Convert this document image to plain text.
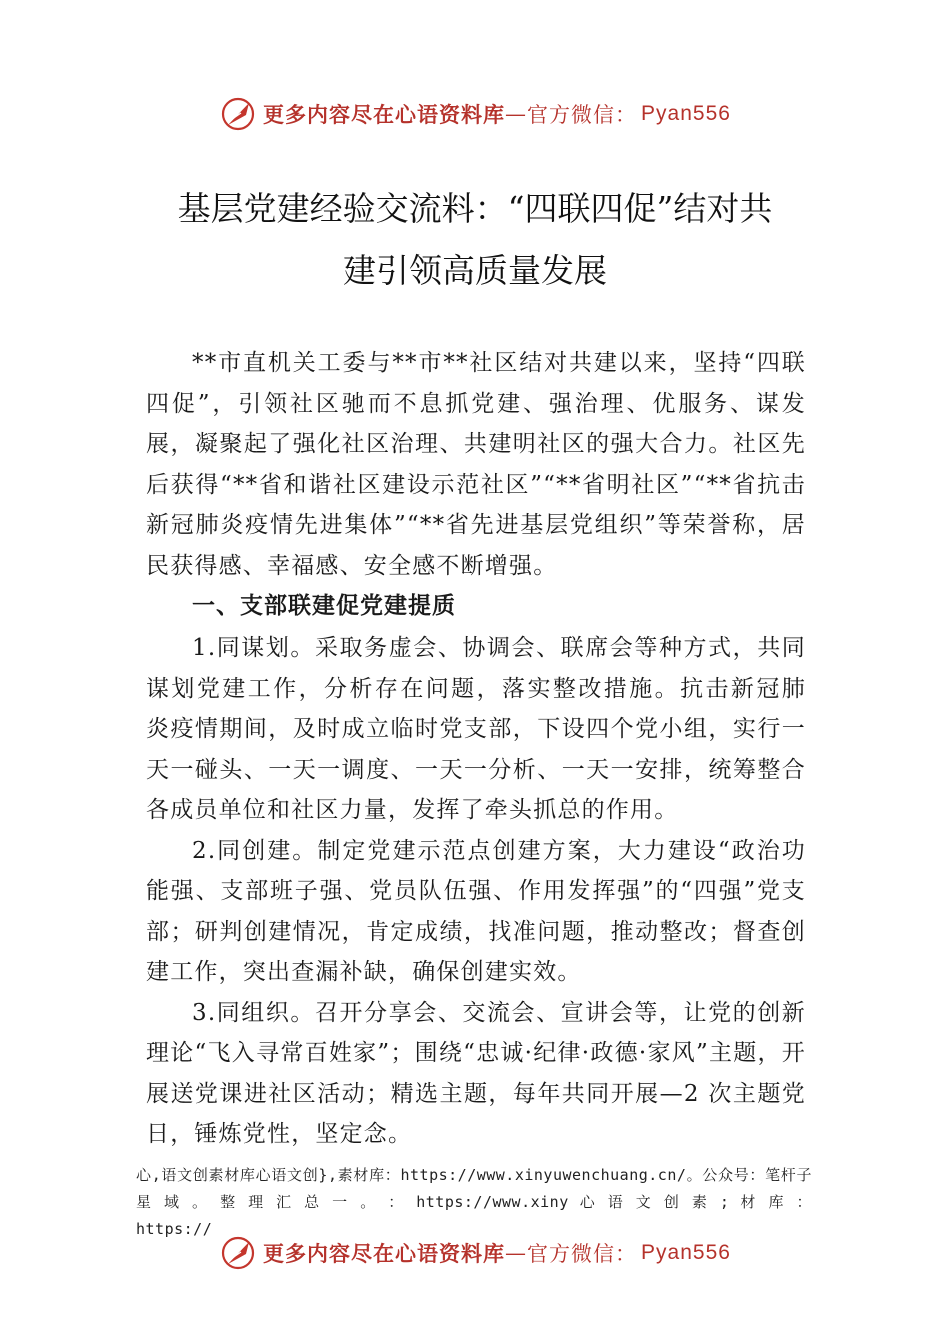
更多内容尽在心语资料库 — 官方微信： Pyan556
基层党建经验交流料：“四联四促”结对共
建引领高质量发展

**市直机关工委与**市**社区结对共建以来，坚持“四联四促”，引领社区驰而不息抓党建、强治理、优服务、谋发展，凝聚起了强化社区治理、共建明社区的强大合力。社区先后获得“**省和谐社区建设示范社区”“**省明社区”“**省抗击 新冠肺炎疫情先进集体”“**省先进基层党组织”等荣誉称，居民获得感、幸福感、安全感不断增强。

一、支部联建促党建提质

1.同谋划。采取务虚会、协调会、联席会等种方式，共同谋划党建工作，分析存在问题，落实整改措施。抗击新冠肺 炎疫情期间，及时成立临时党支部，下设四个党小组，实行一天一碰头、一天一调度、一天一分析、一天一安排，统筹整合各成员单位和社区力量，发挥了牵头抓总的作用。

2.同创建。制定党建示范点创建方案，大力建设“政治功能强、支部班子强、党员队伍强、作用发挥强”的“四强”党支部；研判创建情况，肯定成绩，找准问题，推动整改；督查创建工作，突出查漏补缺，确保创建实效。

3.同组织。召开分享会、交流会、宣讲会等，让党的创新理论“飞入寻常百姓家”；围绕“忠诚·纪律·政德·家风”主题，开展送党课进社区活动；精选主题，每年共同开展—2 次主题党日，锤炼党性，坚定念。

心,语文创素材库心语文创},素材库：https://www.xinyuwenchuang.cn/。公众号：笔杆子星 域 。 整 理 汇 总 一 。 ： https://www.xiny 心 语 文 创 素 ; 材 库 ： https://
更多内容尽在心语资料库 — 官方微信： Pyan556
